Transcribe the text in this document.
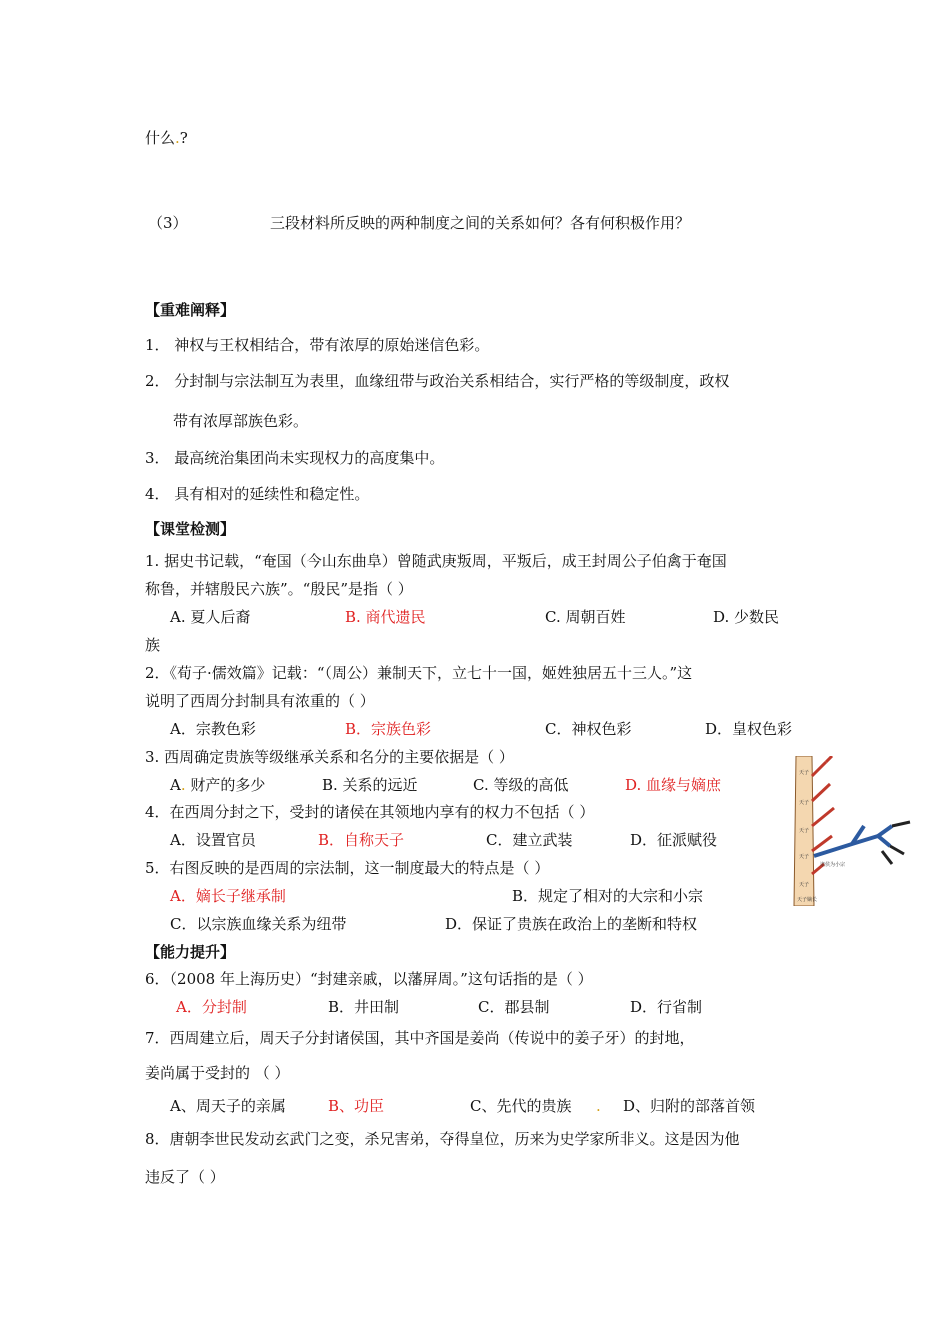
什么.?
（3）	三段材料所反映的两种制度之间的关系如何？各有何积极作用？
【重难阐释】
1． 神权与王权相结合，带有浓厚的原始迷信色彩。
2． 分封制与宗法制互为表里，血缘纽带与政治关系相结合，实行严格的等级制度，政权
带有浓厚部族色彩。
3． 最高统治集团尚未实现权力的高度集中。
4． 具有相对的延续性和稳定性。
【课堂检测】
1. 据史书记载，“奄国（今山东曲阜）曾随武庚叛周，平叛后，成王封周公子伯禽于奄国
称鲁，并辖殷民六族”。“殷民”是指（ ）
A. 夏人后裔	B. 商代遗民	C. 周朝百姓	D. 少数民
族
2．《荀子·儒效篇》记载：“（周公）兼制天下，立七十一国，姬姓独居五十三人。”这
说明了西周分封制具有浓重的（ ）
A．宗教色彩	B．宗族色彩	C．神权色彩	D．皇权色彩
3. 西周确定贵族等级继承关系和名分的主要依据是（ ）
A. 财产的多少	B. 关系的远近	C. 等级的高低	D. 血缘与嫡庶
4．在西周分封之下，受封的诸侯在其领地内享有的权力不包括（ ）
A．设置官员	B．自称天子	C．建立武装	D．征派赋役
5．右图反映的是西周的宗法制，这一制度最大的特点是（ ）
A．嫡长子继承制	B．规定了相对的大宗和小宗
C．以宗族血缘关系为纽带	D．保证了贵族在政治上的垄断和特权
【能力提升】
6．（2008 年上海历史）“封建亲戚，以藩屏周。”这句话指的是（ ）
A．分封制	B．井田制	C．郡县制	D．行省制
7．西周建立后，周天子分封诸侯国，其中齐国是姜尚（传说中的姜子牙）的封地，
姜尚属于受封的 （ ）
A、周天子的亲属	B、功臣	C、先代的贵族 . D、归附的部落首领
8．唐朝李世民发动玄武门之变，杀兄害弟，夺得皇位，历来为史学家所非义。这是因为他
违反了（ ）
天子
天子
天子
天子
天子
诸侯为小宗
天子嫡长
